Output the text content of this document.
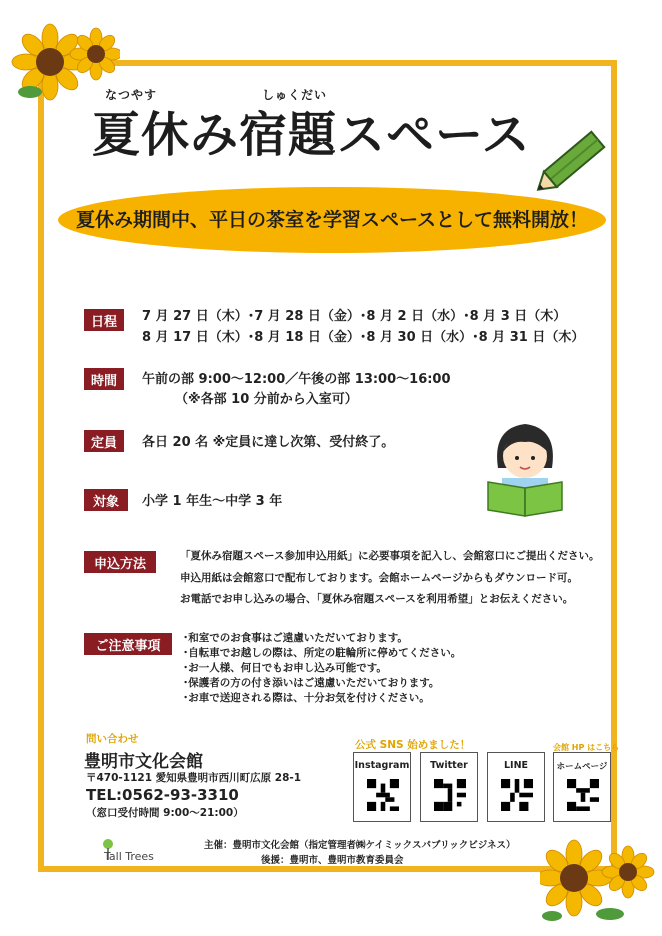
なつやす	しゅくだい
夏休み宿題スペース
夏休み期間中、平日の茶室を学習スペースとして無料開放！
日程	7 月 27 日（木）･7 月 28 日（金）･8 月 2 日（水）･8 月 3 日（木）
8 月 17 日（木）･8 月 18 日（金）･8 月 30 日（水）･8 月 31 日（木）
時間	午前の部 9:00～12:00／午後の部 13:00～16:00
（※各部 10 分前から入室可）
定員	各日 20 名 ※定員に達し次第、受付終了。
対象	小学 1 年生～中学 3 年
申込方法
「夏休み宿題スペース参加申込用紙」に必要事項を記入し、会館窓口にご提出ください。
申込用紙は会館窓口で配布しております。会館ホームページからもダウンロード可。
お電話でお申し込みの場合、「夏休み宿題スペースを利用希望」とお伝えください。
ご注意事項
･和室でのお食事はご遠慮いただいております。
･自転車でお越しの際は、所定の駐輪所に停めてください。
･お一人様、何日でもお申し込み可能です。
･保護者の方の付き添いはご遠慮いただいております。
･お車で送迎される際は、十分お気を付けください。
問い合わせ
豊明市文化会館
〒470-1121 愛知県豊明市西川町広原 28-1
TEL:0562-93-3310
（窓口受付時間 9:00～21:00）
公式 SNS 始めました！	会館 HP はこちら
Instagram	Twitter	LINE	ホームページ
Tall Trees
主催：豊明市文化会館（指定管理者㈱ケイミックスパブリックビジネス）
後援：豊明市、豊明市教育委員会
